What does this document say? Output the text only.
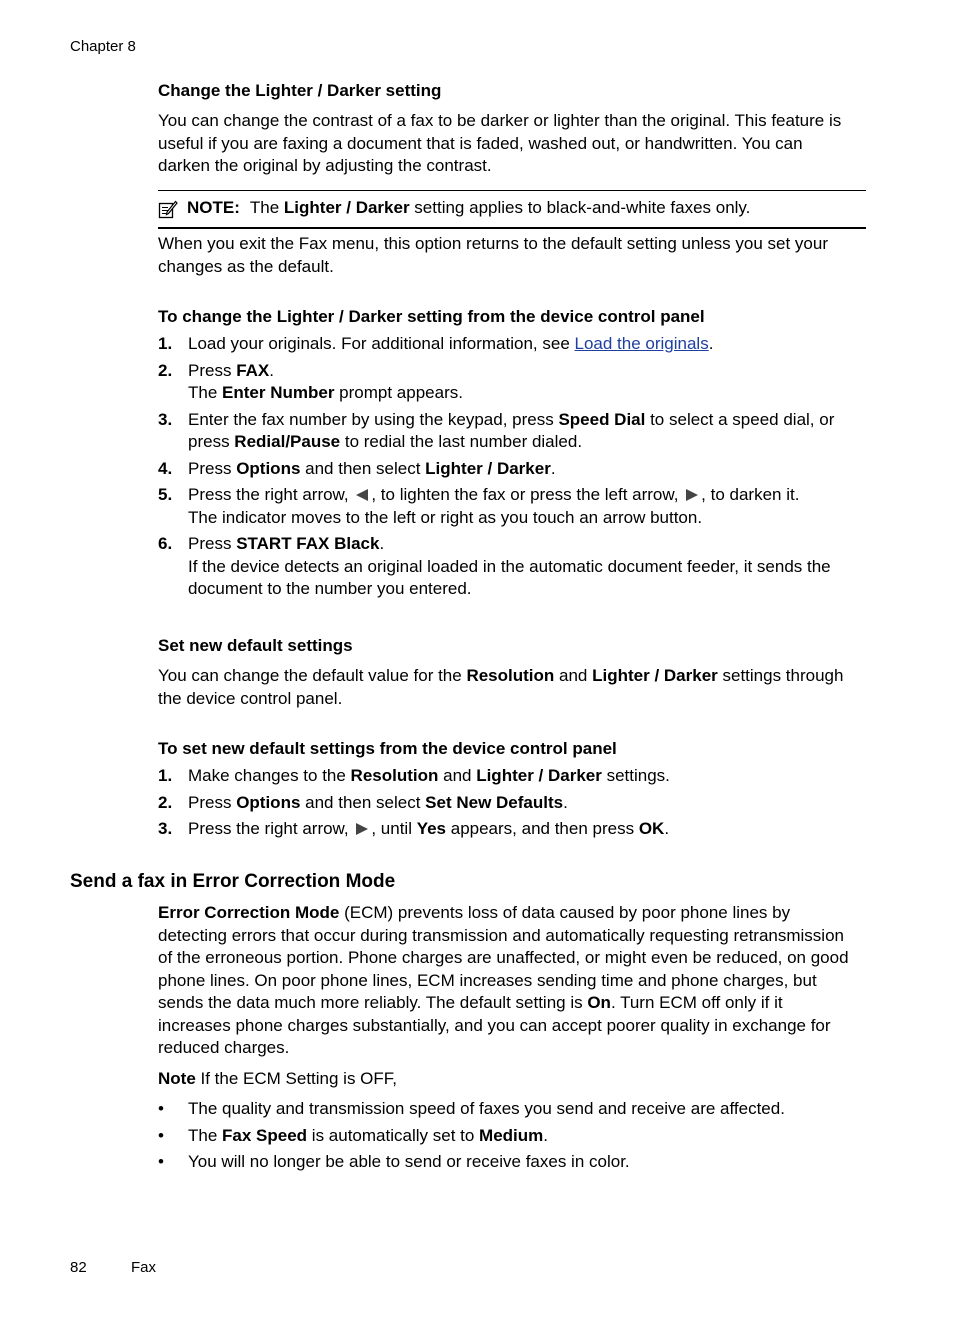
Chapter 8
Change the Lighter / Darker setting

You can change the contrast of a fax to be darker or lighter than the original. This feature is useful if you are faxing a document that is faded, washed out, or handwritten. You can darken the original by adjusting the contrast.

NOTE: The Lighter / Darker setting applies to black-and-white faxes only.

When you exit the Fax menu, this option returns to the default setting unless you set your changes as the default.

To change the Lighter / Darker setting from the device control panel
1. Load your originals. For additional information, see Load the originals.
2. Press FAX.
The Enter Number prompt appears.
3. Enter the fax number by using the keypad, press Speed Dial to select a speed dial, or press Redial/Pause to redial the last number dialed.
4. Press Options and then select Lighter / Darker.
5. Press the right arrow, , to lighten the fax or press the left arrow, , to darken it.
The indicator moves to the left or right as you touch an arrow button.
6. Press START FAX Black.
If the device detects an original loaded in the automatic document feeder, it sends the document to the number you entered.
Set new default settings

You can change the default value for the Resolution and Lighter / Darker settings through the device control panel.

To set new default settings from the device control panel
1. Make changes to the Resolution and Lighter / Darker settings.
2. Press Options and then select Set New Defaults.
3. Press the right arrow, , until Yes appears, and then press OK.
Send a fax in Error Correction Mode

Error Correction Mode (ECM) prevents loss of data caused by poor phone lines by detecting errors that occur during transmission and automatically requesting retransmission of the erroneous portion. Phone charges are unaffected, or might even be reduced, on good phone lines. On poor phone lines, ECM increases sending time and phone charges, but sends the data much more reliably. The default setting is On. Turn ECM off only if it increases phone charges substantially, and you can accept poorer quality in exchange for reduced charges.

Note If the ECM Setting is OFF,

• The quality and transmission speed of faxes you send and receive are affected.
• The Fax Speed is automatically set to Medium.
• You will no longer be able to send or receive faxes in color.
82	Fax
